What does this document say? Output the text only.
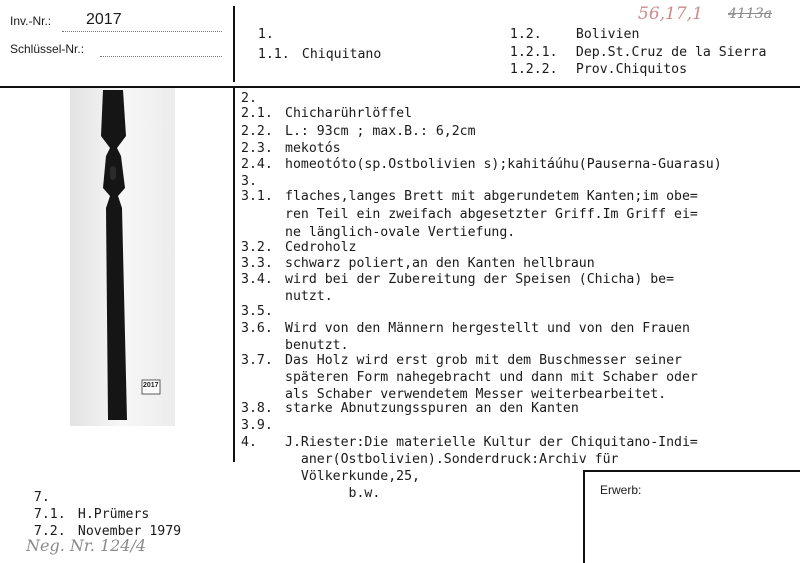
Inv.-Nr.: 2017
Schlüssel-Nr.:

1.

1.1. Chiquitano

1.2.	Bolivien

1.2.1. Dep.St.Cruz de la Sierra

1.2.2. Prov.Chiquitos

56,17,1 4113a
2017
2.
2.1. Chicharührlöffel
2.2. L.: 93cm ; max.B.: 6,2cm
2.3. mekotós
2.4. homeotóto(sp.Ostbolivien s);kahitáúhu(Pauserna-Guarasu)
3.
3.1. flaches,langes Brett mit abgerundetem Kanten;im obe=
ren Teil ein zweifach abgesetzter Griff.Im Griff ei=
ne länglich-ovale Vertiefung.
3.2. Cedroholz
3.3. schwarz poliert,an den Kanten hellbraun
3.4. wird bei der Zubereitung der Speisen (Chicha) be=
nutzt.
3.5.
3.6. Wird von den Männern hergestellt und von den Frauen
benutzt.
3.7. Das Holz wird erst grob mit dem Buschmesser seiner
späteren Form nahegebracht und dann mit Schaber oder
als Schaber verwendetem Messer weiterbearbeitet.
3.8. starke Abnutzungsspuren an den Kanten
3.9.
4.	J.Riester:Die materielle Kultur der Chiquitano-Indi=
aner(Ostbolivien).Sonderdruck:Archiv für
Völkerkunde,25,
b.w.

7.

7.1. H.Prümers

7.2. November 1979

Neg. Nr. 124/4
Erwerb:
